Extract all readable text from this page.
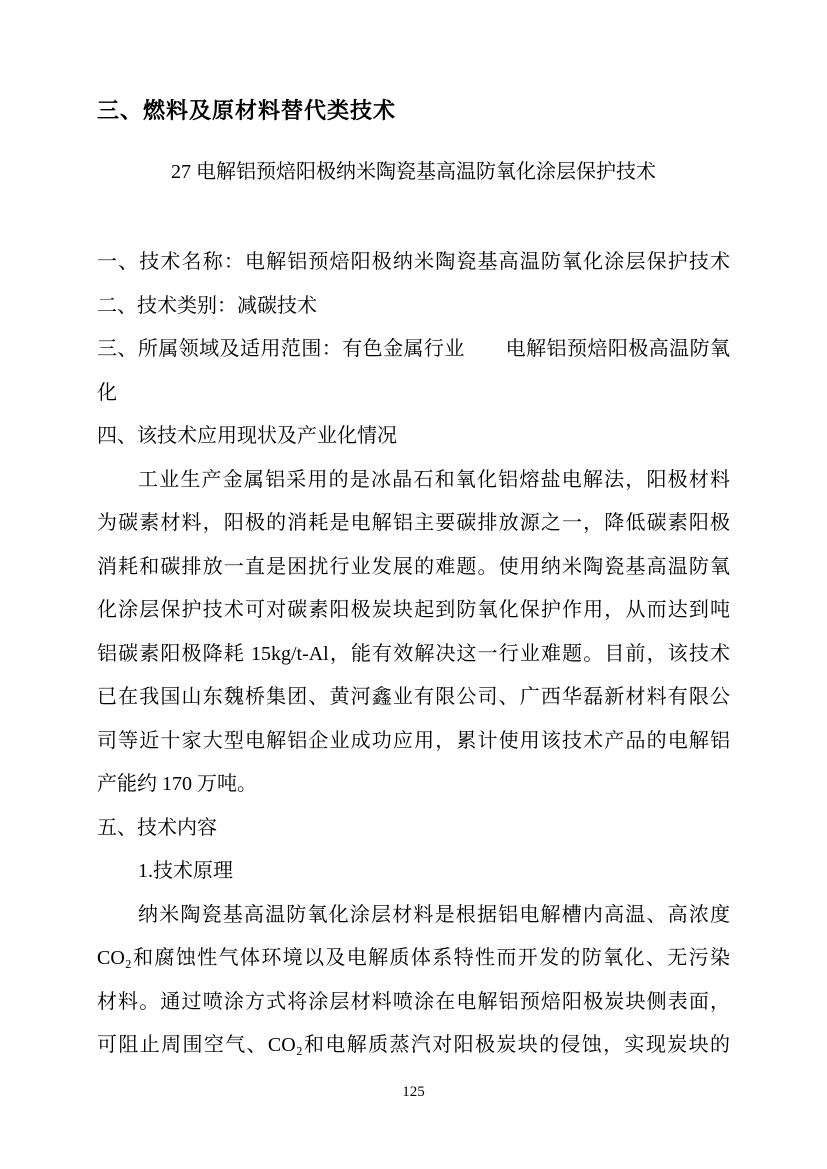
三、燃料及原材料替代类技术
27 电解铝预焙阳极纳米陶瓷基高温防氧化涂层保护技术
一、技术名称：电解铝预焙阳极纳米陶瓷基高温防氧化涂层保护技术
二、技术类别：减碳技术
三、所属领域及适用范围：有色金属行业　　电解铝预焙阳极高温防氧
化
四、该技术应用现状及产业化情况
工业生产金属铝采用的是冰晶石和氧化铝熔盐电解法，阳极材料
为碳素材料，阳极的消耗是电解铝主要碳排放源之一，降低碳素阳极
消耗和碳排放一直是困扰行业发展的难题。使用纳米陶瓷基高温防氧
化涂层保护技术可对碳素阳极炭块起到防氧化保护作用，从而达到吨
铝碳素阳极降耗 15kg/t-Al，能有效解决这一行业难题。目前，该技术
已在我国山东魏桥集团、黄河鑫业有限公司、广西华磊新材料有限公
司等近十家大型电解铝企业成功应用，累计使用该技术产品的电解铝
产能约 170 万吨。
五、技术内容
1.技术原理
纳米陶瓷基高温防氧化涂层材料是根据铝电解槽内高温、高浓度
CO₂和腐蚀性气体环境以及电解质体系特性而开发的防氧化、无污染
材料。通过喷涂方式将涂层材料喷涂在电解铝预焙阳极炭块侧表面，
可阻止周围空气、CO₂和电解质蒸汽对阳极炭块的侵蚀，实现炭块的
125
